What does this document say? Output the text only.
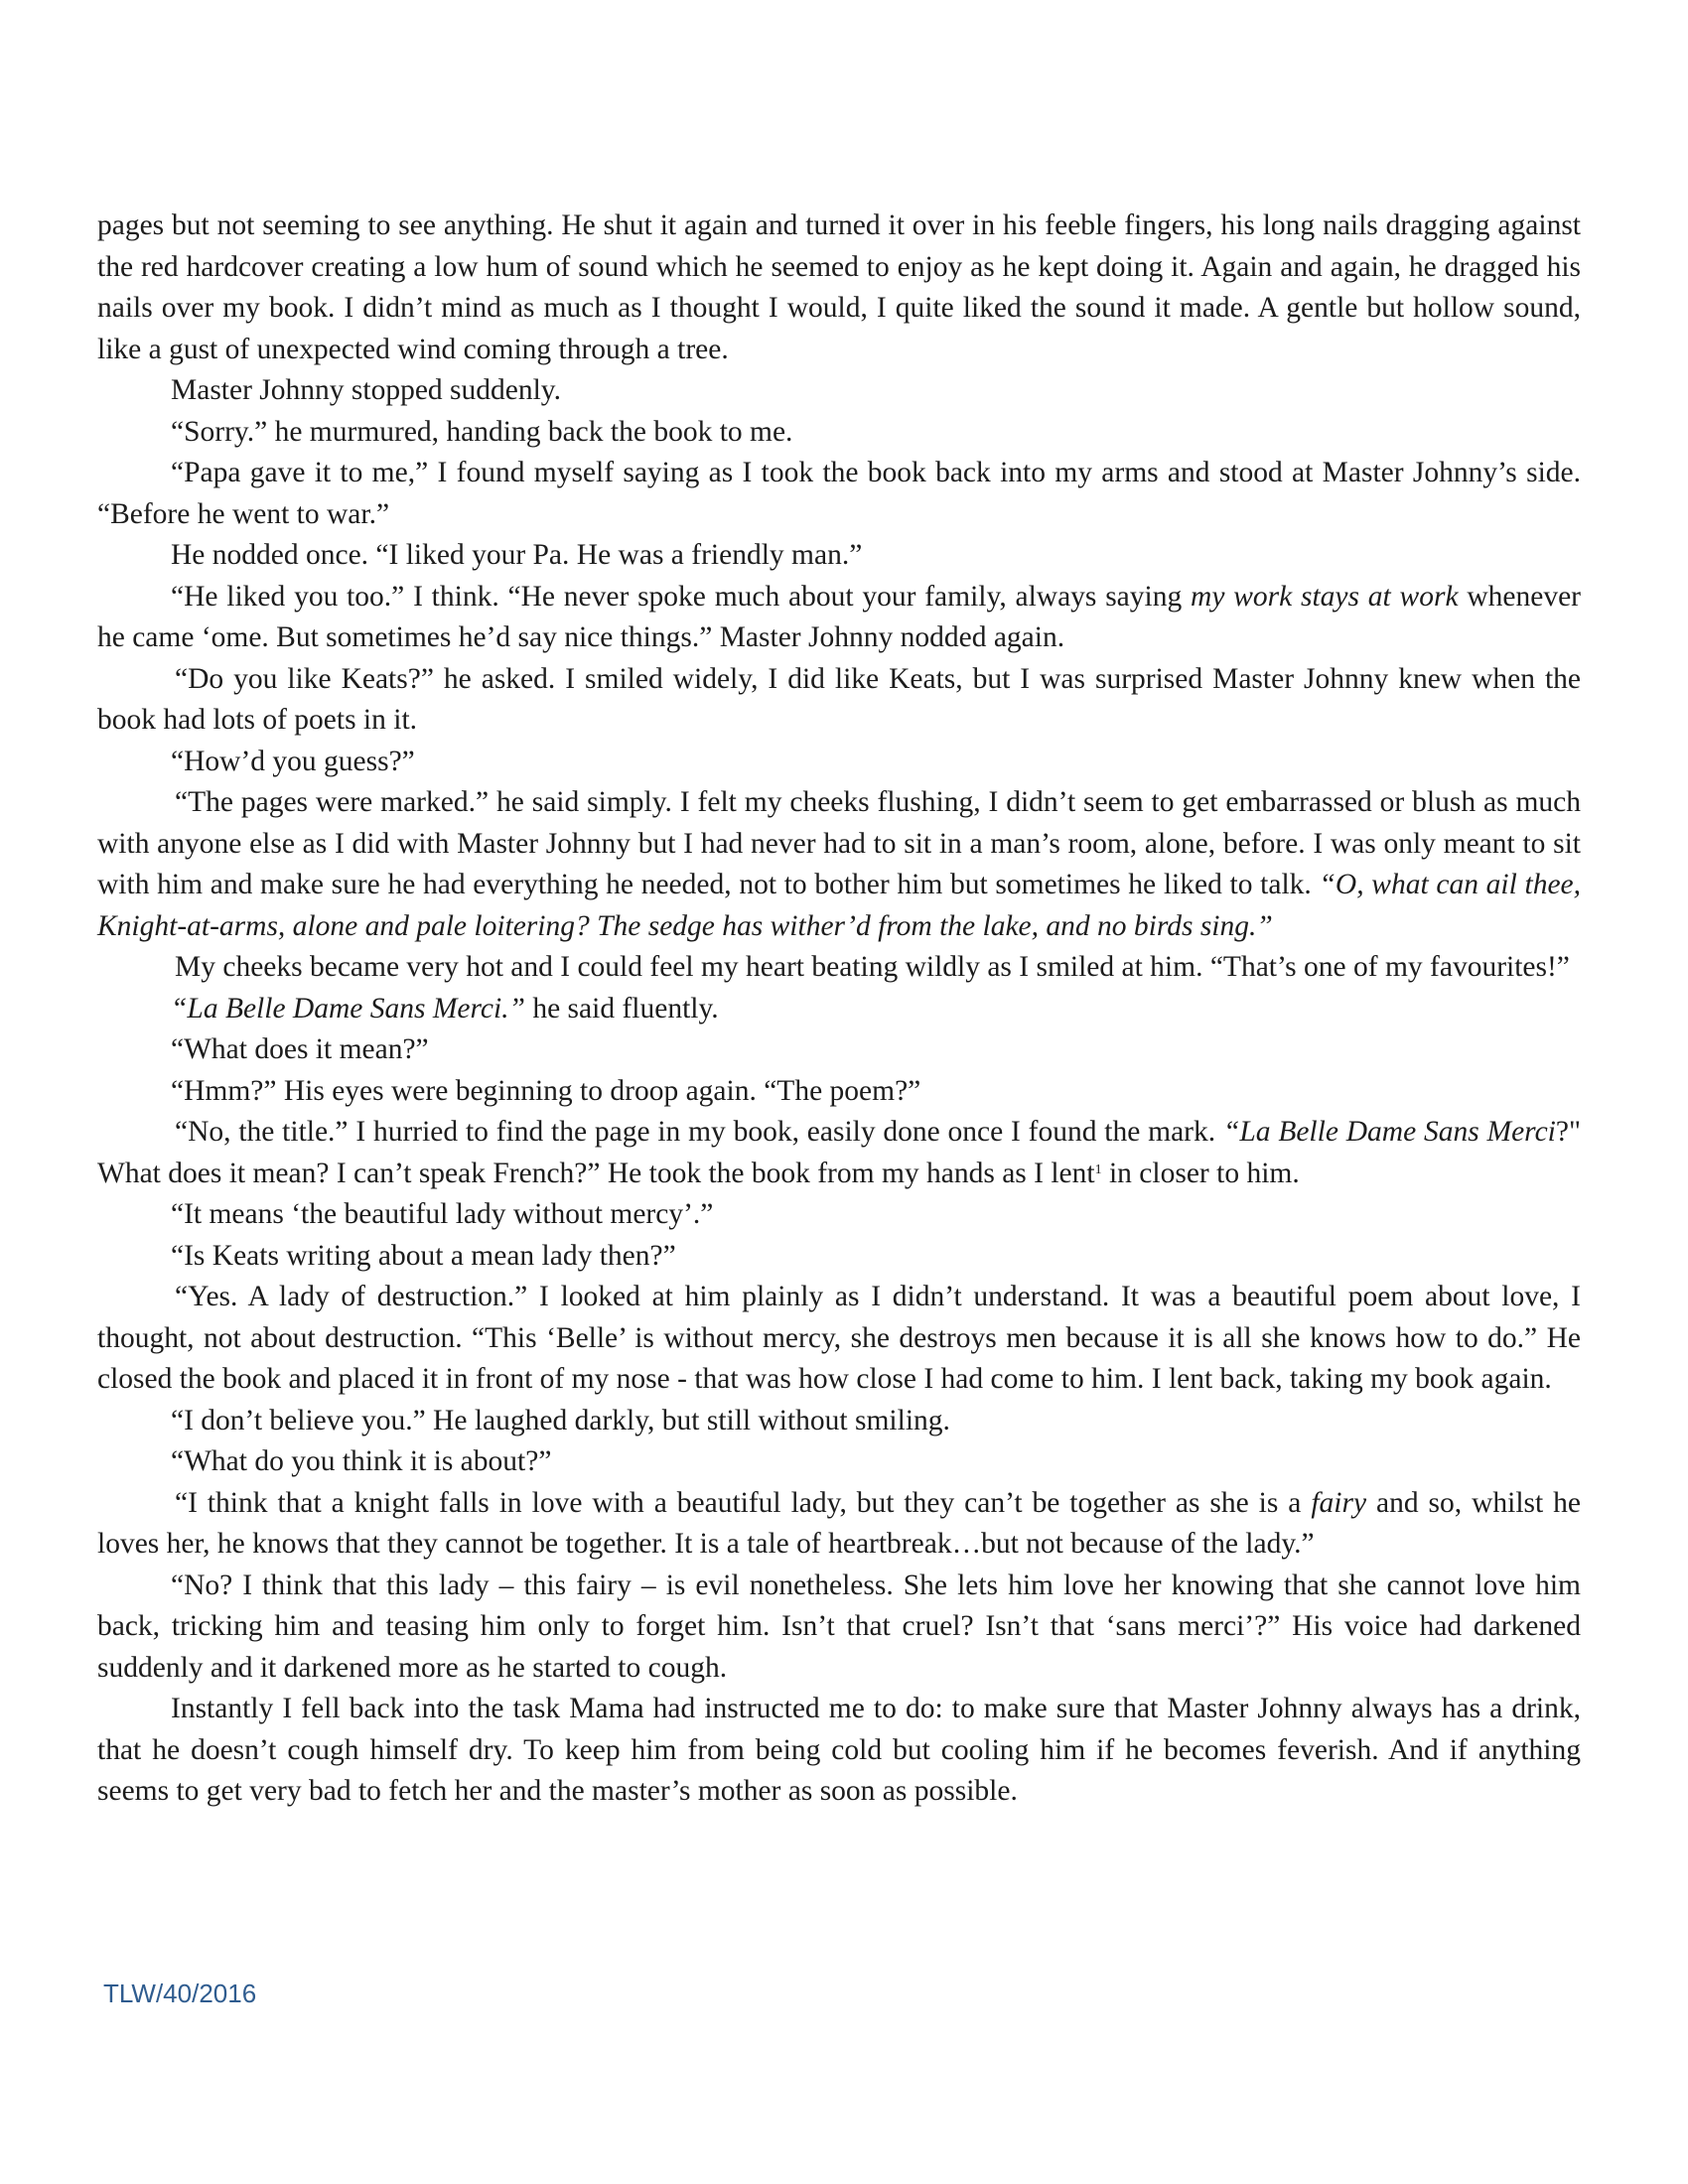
pages but not seeming to see anything. He shut it again and turned it over in his feeble fingers, his long nails dragging against the red hardcover creating a low hum of sound which he seemed to enjoy as he kept doing it. Again and again, he dragged his nails over my book. I didn’t mind as much as I thought I would, I quite liked the sound it made. A gentle but hollow sound, like a gust of unexpected wind coming through a tree.

Master Johnny stopped suddenly.

“Sorry.” he murmured, handing back the book to me.

“Papa gave it to me,” I found myself saying as I took the book back into my arms and stood at Master Johnny’s side. “Before he went to war.”

He nodded once. “I liked your Pa. He was a friendly man.”

“He liked you too.” I think. “He never spoke much about your family, always saying my work stays at work whenever he came ‘ome. But sometimes he’d say nice things.” Master Johnny nodded again.

“Do you like Keats?” he asked. I smiled widely, I did like Keats, but I was surprised Master Johnny knew when the book had lots of poets in it.

“How’d you guess?”

“The pages were marked.” he said simply. I felt my cheeks flushing, I didn’t seem to get embarrassed or blush as much with anyone else as I did with Master Johnny but I had never had to sit in a man’s room, alone, before. I was only meant to sit with him and make sure he had everything he needed, not to bother him but sometimes he liked to talk. “O, what can ail thee, Knight-at-arms, alone and pale loitering? The sedge has wither’d from the lake, and no birds sing.”

My cheeks became very hot and I could feel my heart beating wildly as I smiled at him. “That’s one of my favourites!”

“La Belle Dame Sans Merci.” he said fluently.

“What does it mean?”

“Hmm?” His eyes were beginning to droop again. “The poem?”

“No, the title.” I hurried to find the page in my book, easily done once I found the mark. “La Belle Dame Sans Merci?" What does it mean? I can’t speak French?” He took the book from my hands as I lent$^1$ in closer to him.

“It means ‘the beautiful lady without mercy’.”

“Is Keats writing about a mean lady then?”

“Yes. A lady of destruction.” I looked at him plainly as I didn’t understand. It was a beautiful poem about love, I thought, not about destruction. “This ‘Belle’ is without mercy, she destroys men because it is all she knows how to do.” He closed the book and placed it in front of my nose - that was how close I had come to him. I lent back, taking my book again.

“I don’t believe you.” He laughed darkly, but still without smiling.

“What do you think it is about?”

“I think that a knight falls in love with a beautiful lady, but they can’t be together as she is a fairy and so, whilst he loves her, he knows that they cannot be together. It is a tale of heartbreak…but not because of the lady.”

“No? I think that this lady – this fairy – is evil nonetheless. She lets him love her knowing that she cannot love him back, tricking him and teasing him only to forget him. Isn’t that cruel? Isn’t that ‘sans merci’?” His voice had darkened suddenly and it darkened more as he started to cough.

Instantly I fell back into the task Mama had instructed me to do: to make sure that Master Johnny always has a drink, that he doesn’t cough himself dry. To keep him from being cold but cooling him if he becomes feverish. And if anything seems to get very bad to fetch her and the master’s mother as soon as possible.

TLW/40/2016
